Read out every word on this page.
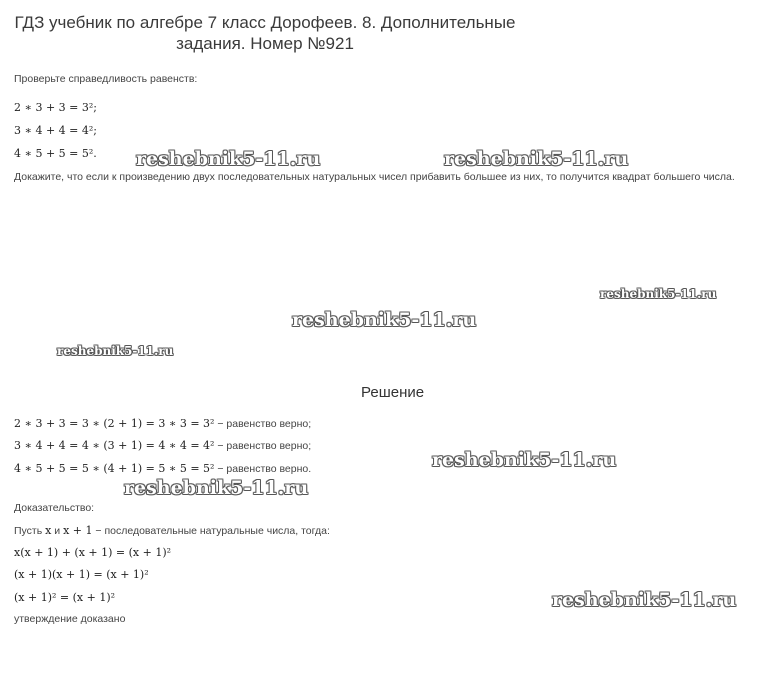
ГДЗ учебник по алгебре 7 класс Дорофеев. 8. Дополнительные
задания. Номер №921
Проверьте справедливость равенств:
2 ∗ 3 + 3 = 3²;
3 ∗ 4 + 4 = 4²;
4 ∗ 5 + 5 = 5².
Докажите, что если к произведению двух последовательных натуральных чисел прибавить большее из них, то получится квадрат большего числа.
Решение
2 ∗ 3 + 3 = 3 ∗ (2 + 1) = 3 ∗ 3 = 3² − равенство верно;
3 ∗ 4 + 4 = 4 ∗ (3 + 1) = 4 ∗ 4 = 4² − равенство верно;
4 ∗ 5 + 5 = 5 ∗ (4 + 1) = 5 ∗ 5 = 5² − равенство верно.
Доказательство:
Пусть x и x + 1 − последовательные натуральные числа, тогда:
x(x + 1) + (x + 1) = (x + 1)²
(x + 1)(x + 1) = (x + 1)²
(x + 1)² = (x + 1)²
утверждение доказано
reshebnik5-11.ru	reshebnik5-11.ru
reshebnik5-11.ru
reshebnik5-11.ru
reshebnik5-11.ru
reshebnik5-11.ru
reshebnik5-11.ru
reshebnik5-11.ru
